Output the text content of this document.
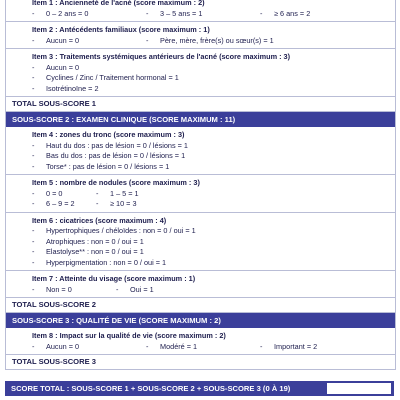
Item 1 : Ancienneté de l'acné (score maximum : 2)
- 0 – 2 ans = 0	- 3 – 5 ans = 1	- ≥ 6 ans = 2
Item 2 : Antécédents familiaux (score maximum : 1)
- Aucun = 0	- Père, mère, frère(s) ou sœur(s) = 1
Item 3 : Traitements systémiques antérieurs de l'acné (score maximum : 3)
- Aucun = 0
- Cyclines / Zinc / Traitement hormonal = 1
- Isotrétinoïne = 2
TOTAL SOUS-SCORE 1
SOUS-SCORE 2 : EXAMEN CLINIQUE (SCORE MAXIMUM : 11)
Item 4 : zones du tronc (score maximum : 3)
- Haut du dos : pas de lésion = 0 / lésions = 1
- Bas du dos : pas de lésion = 0 / lésions = 1
- Torse* : pas de lésion = 0 / lésions = 1
Item 5 : nombre de nodules (score maximum : 3)
- 0 = 0	- 1 – 5 = 1
- 6 – 9 = 2	- ≥ 10 = 3
Item 6 : cicatrices (score maximum : 4)
- Hypertrophiques / chéloïdes : non = 0 / oui = 1
- Atrophiques : non = 0 / oui = 1
- Elastolyse** : non = 0 / oui = 1
- Hyperpigmentation : non = 0 / oui = 1
Item 7 : Atteinte du visage (score maximum : 1)
- Non = 0	- Oui = 1
TOTAL SOUS-SCORE 2
SOUS-SCORE 3 : QUALITÉ DE VIE (SCORE MAXIMUM : 2)
Item 8 : Impact sur la qualité de vie (score maximum : 2)
- Aucun = 0	- Modéré = 1	- Important = 2
TOTAL SOUS-SCORE 3
SCORE TOTAL : SOUS-SCORE 1 + SOUS-SCORE 2 + SOUS-SCORE 3 (0 À 19)
